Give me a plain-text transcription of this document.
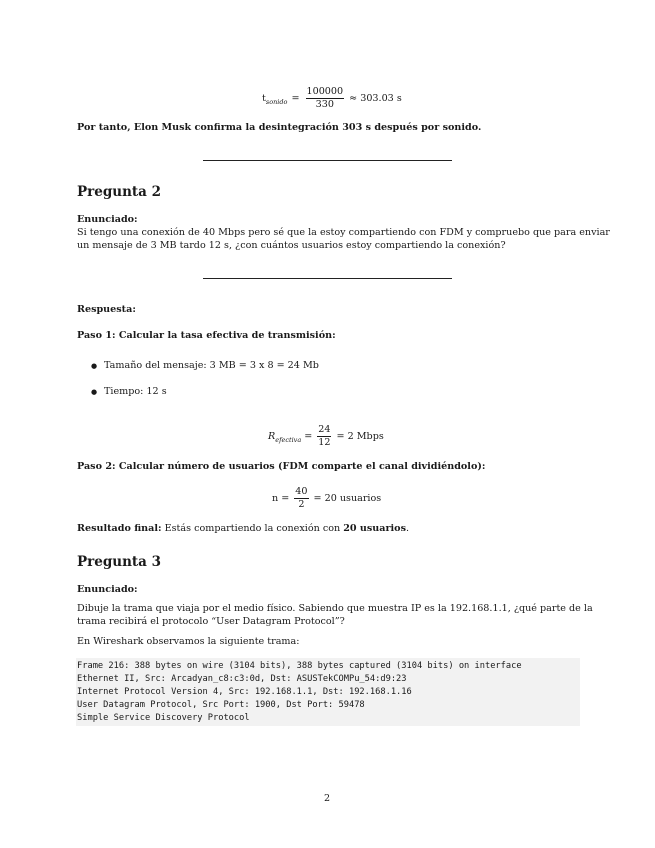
t sonido = $\frac{100000}{330} \approx 303.03$ s
Por tanto, Elon Musk confirma la desintegración 303 s después por sonido.
Pregunta 2
Enunciado:
Si tengo una conexión de 40 Mbps pero sé que la estoy compartiendo con FDM y compruebo que para enviar
un mensaje de 3 MB tardo 12 s, ¿con cuántos usuarios estoy compartiendo la conexión?
Respuesta:
Paso 1: Calcular la tasa efectiva de transmisión:
● Tamaño del mensaje: 3 MB = 3 x 8 = 24 Mb
● Tiempo: 12 s
R efectiva = $\frac{24}{12} = 2$ Mbps
Paso 2: Calcular número de usuarios (FDM comparte el canal dividiéndolo):
$n = \frac{40}{2} = 20$ usuarios
Resultado final: Estás compartiendo la conexión con 20 usuarios.
Pregunta 3
Enunciado:
Dibuje la trama que viaja por el medio físico. Sabiendo que muestra IP es la 192.168.1.1, ¿qué parte de la
trama recibirá el protocolo “User Datagram Protocol”?
En Wireshark observamos la siguiente trama:
Frame 216: 388 bytes on wire (3104 bits), 388 bytes captured (3104 bits) on interface
Ethernet II, Src: Arcadyan_c8:c3:0d, Dst: ASUSTekCOMPu_54:d9:23
Internet Protocol Version 4, Src: 192.168.1.1, Dst: 192.168.1.16
User Datagram Protocol, Src Port: 1900, Dst Port: 59478
Simple Service Discovery Protocol
2
